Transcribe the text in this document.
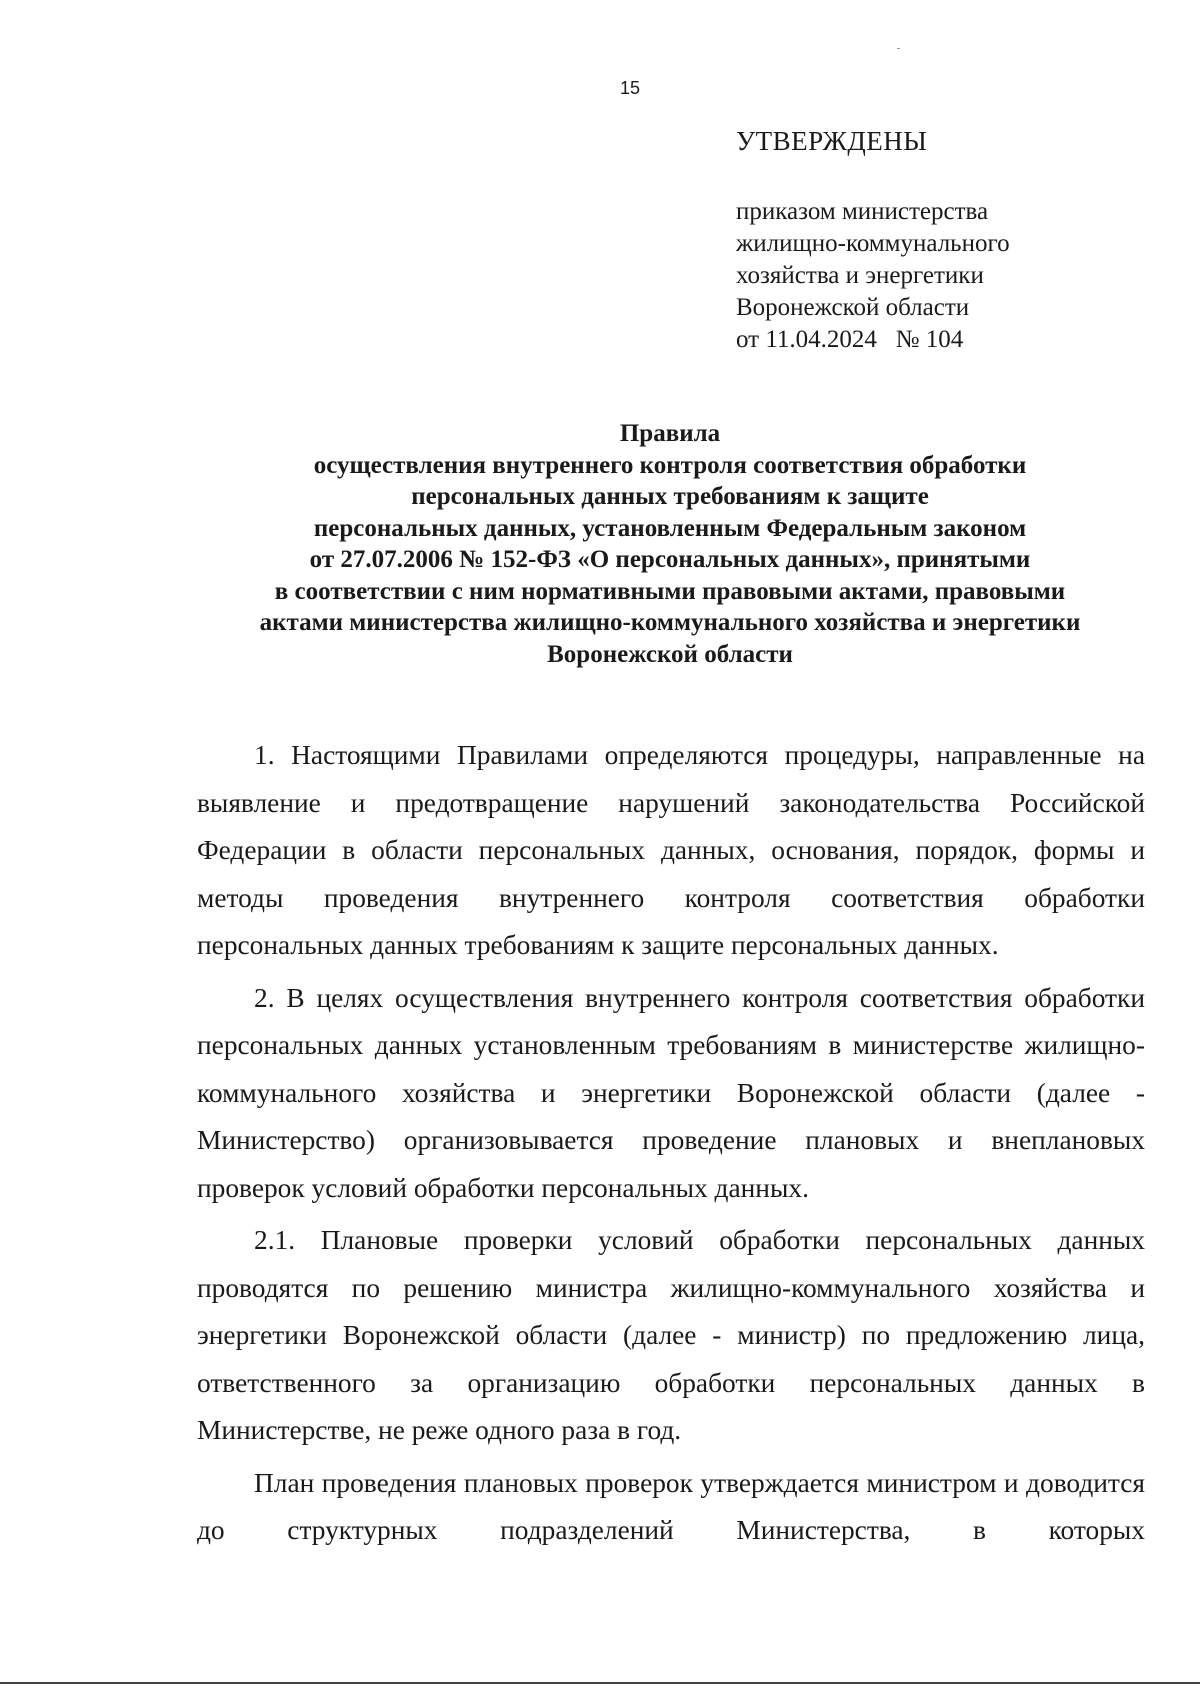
15
УТВЕРЖДЕНЫ
приказом министерства
жилищно-коммунального
хозяйства и энергетики
Воронежской области
от 11.04.2024   № 104
Правила
осуществления внутреннего контроля соответствия обработки
персональных данных требованиям к защите
персональных данных, установленным Федеральным законом
от 27.07.2006 № 152-ФЗ «О персональных данных», принятыми
в соответствии с ним нормативными правовыми актами, правовыми
актами министерства жилищно-коммунального хозяйства и энергетики
Воронежской области

1. Настоящими Правилами определяются процедуры, направленные на выявление и предотвращение нарушений законодательства Российской Федерации в области персональных данных, основания, порядок, формы и методы проведения внутреннего контроля соответствия обработки персональных данных требованиям к защите персональных данных.

2. В целях осуществления внутреннего контроля соответствия обработки персональных данных установленным требованиям в министерстве жилищно-коммунального хозяйства и энергетики Воронежской области (далее - Министерство) организовывается проведение плановых и внеплановых проверок условий обработки персональных данных.

2.1. Плановые проверки условий обработки персональных данных проводятся по решению министра жилищно-коммунального хозяйства и энергетики Воронежской области (далее - министр) по предложению лица, ответственного за организацию обработки персональных данных в Министерстве, не реже одного раза в год.

План проведения плановых проверок утверждается министром и доводится до структурных подразделений Министерства, в которых
